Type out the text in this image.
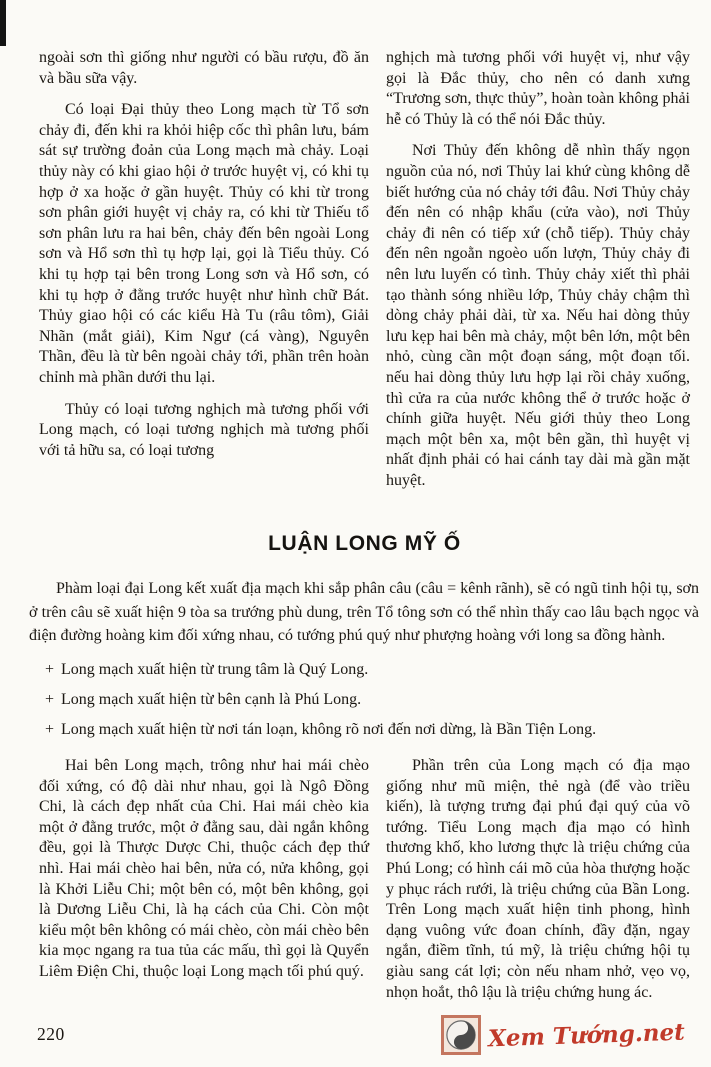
ngoài sơn thì giống như người có bầu rượu, đồ ăn và bầu sữa vậy.

Có loại Đại thủy theo Long mạch từ Tổ sơn chảy đi, đến khi ra khỏi hiệp cốc thì phân lưu, bám sát sự trường đoản của Long mạch mà chảy. Loại thủy này có khi giao hội ở trước huyệt vị, có khi tụ hợp ở xa hoặc ở gần huyệt. Thủy có khi từ trong sơn phân giới huyệt vị chảy ra, có khi từ Thiếu tổ sơn phân lưu ra hai bên, chảy đến bên ngoài Long sơn và Hổ sơn thì tụ hợp lại, gọi là Tiểu thủy. Có khi tụ hợp tại bên trong Long sơn và Hổ sơn, có khi tụ hợp ở đằng trước huyệt như hình chữ Bát. Thủy giao hội có các kiểu Hà Tu (râu tôm), Giải Nhãn (mắt giải), Kim Ngư (cá vàng), Nguyên Thần, đều là từ bên ngoài chảy tới, phần trên hoàn chỉnh mà phần dưới thu lại.

Thủy có loại tương nghịch mà tương phối với Long mạch, có loại tương nghịch mà tương phối với tả hữu sa, có loại tương

nghịch mà tương phối với huyệt vị, như vậy gọi là Đắc thủy, cho nên có danh xưng “Trương sơn, thực thủy”, hoàn toàn không phải hễ có Thủy là có thể nói Đắc thủy.

Nơi Thủy đến không dễ nhìn thấy ngọn nguồn của nó, nơi Thủy lai khứ cùng không dễ biết hướng của nó chảy tới đâu. Nơi Thủy chảy đến nên có nhập khẩu (cửa vào), nơi Thủy chảy đi nên có tiếp xứ (chỗ tiếp). Thủy chảy đến nên ngoằn ngoèo uốn lượn, Thủy chảy đi nên lưu luyến có tình. Thủy chảy xiết thì phải tạo thành sóng nhiều lớp, Thủy chảy chậm thì dòng chảy phải dài, từ xa. Nếu hai dòng thủy lưu kẹp hai bên mà chảy, một bên lớn, một bên nhỏ, cùng cần một đoạn sáng, một đoạn tối. nếu hai dòng thủy lưu hợp lại rồi chảy xuống, thì cửa ra của nước không thể ở trước hoặc ở chính giữa huyệt. Nếu giới thủy theo Long mạch một bên xa, một bên gần, thì huyệt vị nhất định phải có hai cánh tay dài mà gần mặt huyệt.

LUẬN LONG MỸ Ố

Phàm loại đại Long kết xuất địa mạch khi sắp phân câu (câu = kênh rãnh), sẽ có ngũ tinh hội tụ, sơn ở trên câu sẽ xuất hiện 9 tòa sa trướng phù dung, trên Tổ tông sơn có thể nhìn thấy cao lâu bạch ngọc và điện đường hoàng kim đối xứng nhau, có tướng phú quý như phượng hoàng với long sa đồng hành.

+ Long mạch xuất hiện từ trung tâm là Quý Long.
+ Long mạch xuất hiện từ bên cạnh là Phú Long.
+ Long mạch xuất hiện từ nơi tán loạn, không rõ nơi đến nơi dừng, là Bần Tiện Long.

Hai bên Long mạch, trông như hai mái chèo đối xứng, có độ dài như nhau, gọi là Ngô Đồng Chi, là cách đẹp nhất của Chi. Hai mái chèo kia một ở đằng trước, một ở đằng sau, dài ngắn không đều, gọi là Thược Dược Chi, thuộc cách đẹp thứ nhì. Hai mái chèo hai bên, nửa có, nửa không, gọi là Khởi Liễu Chi; một bên có, một bên không, gọi là Dương Liễu Chi, là hạ cách của Chi. Còn một kiểu một bên không có mái chèo, còn mái chèo bên kia mọc ngang ra tua tủa các mấu, thì gọi là Quyển Liêm Điện Chi, thuộc loại Long mạch tối phú quý.

Phần trên của Long mạch có địa mạo giống như mũ miện, thẻ ngà (để vào triều kiến), là tượng trưng đại phú đại quý của võ tướng. Tiểu Long mạch địa mạo có hình thương khố, kho lương thực là triệu chứng của Phú Long; có hình cái mõ của hòa thượng hoặc y phục rách rưới, là triệu chứng của Bần Long. Trên Long mạch xuất hiện tinh phong, hình dạng vuông vức đoan chính, đầy đặn, ngay ngắn, điềm tĩnh, tú mỹ, là triệu chứng hội tụ giàu sang cát lợi; còn nếu nham nhở, vẹo vọ, nhọn hoắt, thô lậu là triệu chứng hung ác.

220	Xem Tướng.net
